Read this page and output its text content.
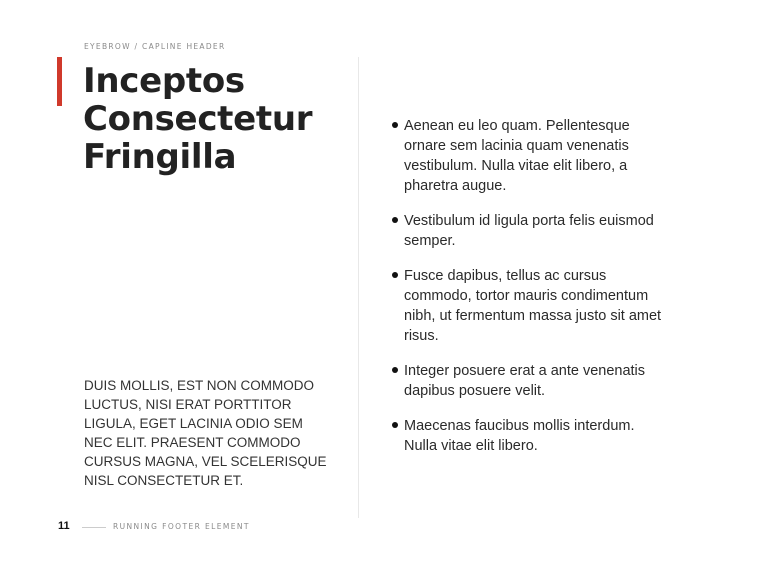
EYEBROW / CAPLINE HEADER
Inceptos
Consectetur
Fringilla
DUIS MOLLIS, EST NON COMMODO
LUCTUS, NISI ERAT PORTTITOR
LIGULA, EGET LACINIA ODIO SEM
NEC ELIT. PRAESENT COMMODO
CURSUS MAGNA, VEL SCELERISQUE
NISL CONSECTETUR ET.
Aenean eu leo quam. Pellentesque
ornare sem lacinia quam venenatis
vestibulum. Nulla vitae elit libero, a
pharetra augue.
Vestibulum id ligula porta felis euismod
semper.
Fusce dapibus, tellus ac cursus
commodo, tortor mauris condimentum
nibh, ut fermentum massa justo sit amet
risus.
Integer posuere erat a ante venenatis
dapibus posuere velit.
Maecenas faucibus mollis interdum.
Nulla vitae elit libero.
11	RUNNING FOOTER ELEMENT
